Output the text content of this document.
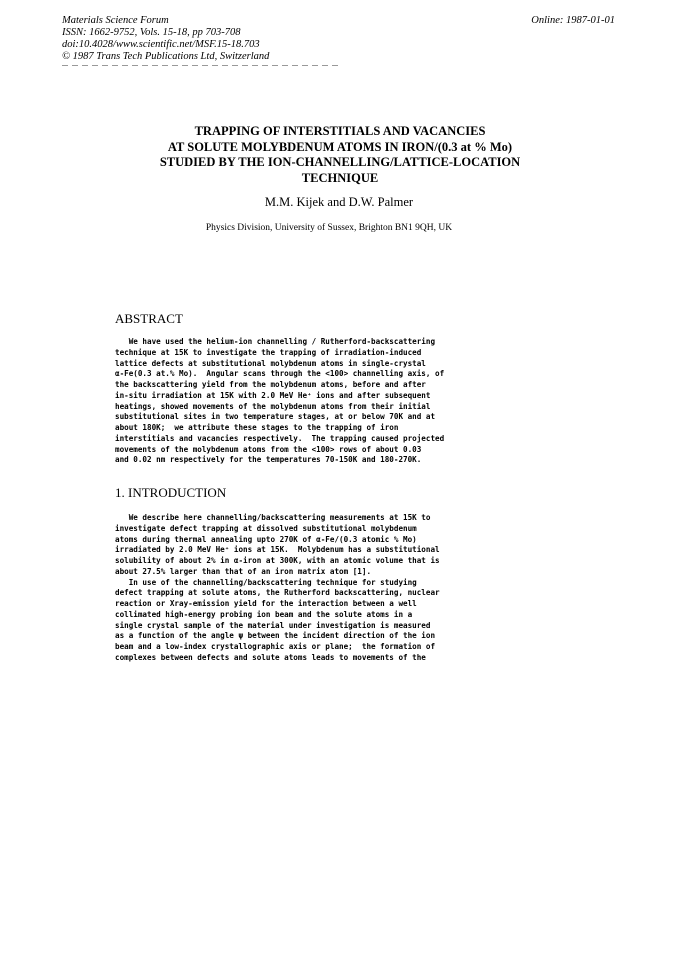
Materials Science Forum
ISSN: 1662-9752, Vols. 15-18, pp 703-708
doi:10.4028/www.scientific.net/MSF.15-18.703
© 1987 Trans Tech Publications Ltd, Switzerland
Online: 1987-01-01
TRAPPING OF INTERSTITIALS AND VACANCIES
AT SOLUTE MOLYBDENUM ATOMS IN IRON/(0.3 at % Mo)
STUDIED BY THE ION-CHANNELLING/LATTICE-LOCATION
TECHNIQUE
M.M. Kijek and D.W. Palmer
Physics Division, University of Sussex, Brighton BN1 9QH, UK
ABSTRACT
We have used the helium-ion channelling / Rutherford-backscattering
technique at 15K to investigate the trapping of irradiation-induced
lattice defects at substitutional molybdenum atoms in single-crystal
α-Fe(0.3 at.% Mo).  Angular scans through the <100> channelling axis, of
the backscattering yield from the molybdenum atoms, before and after
in-situ irradiation at 15K with 2.0 MeV He⁺ ions and after subsequent
heatings, showed movements of the molybdenum atoms from their initial
substitutional sites in two temperature stages, at or below 70K and at
about 180K;  we attribute these stages to the trapping of iron
interstitials and vacancies respectively.  The trapping caused projected
movements of the molybdenum atoms from the <100> rows of about 0.03
and 0.02 nm respectively for the temperatures 70-150K and 180-270K.
1. INTRODUCTION
We describe here channelling/backscattering measurements at 15K to
investigate defect trapping at dissolved substitutional molybdenum
atoms during thermal annealing upto 270K of α-Fe/(0.3 atomic % Mo)
irradiated by 2.0 MeV He⁺ ions at 15K.  Molybdenum has a substitutional
solubility of about 2% in α-iron at 300K, with an atomic volume that is
about 27.5% larger than that of an iron matrix atom [1].
In use of the channelling/backscattering technique for studying
defect trapping at solute atoms, the Rutherford backscattering, nuclear
reaction or Xray-emission yield for the interaction between a well
collimated high-energy probing ion beam and the solute atoms in a
single crystal sample of the material under investigation is measured
as a function of the angle ψ between the incident direction of the ion
beam and a low-index crystallographic axis or plane;  the formation of
complexes between defects and solute atoms leads to movements of the
